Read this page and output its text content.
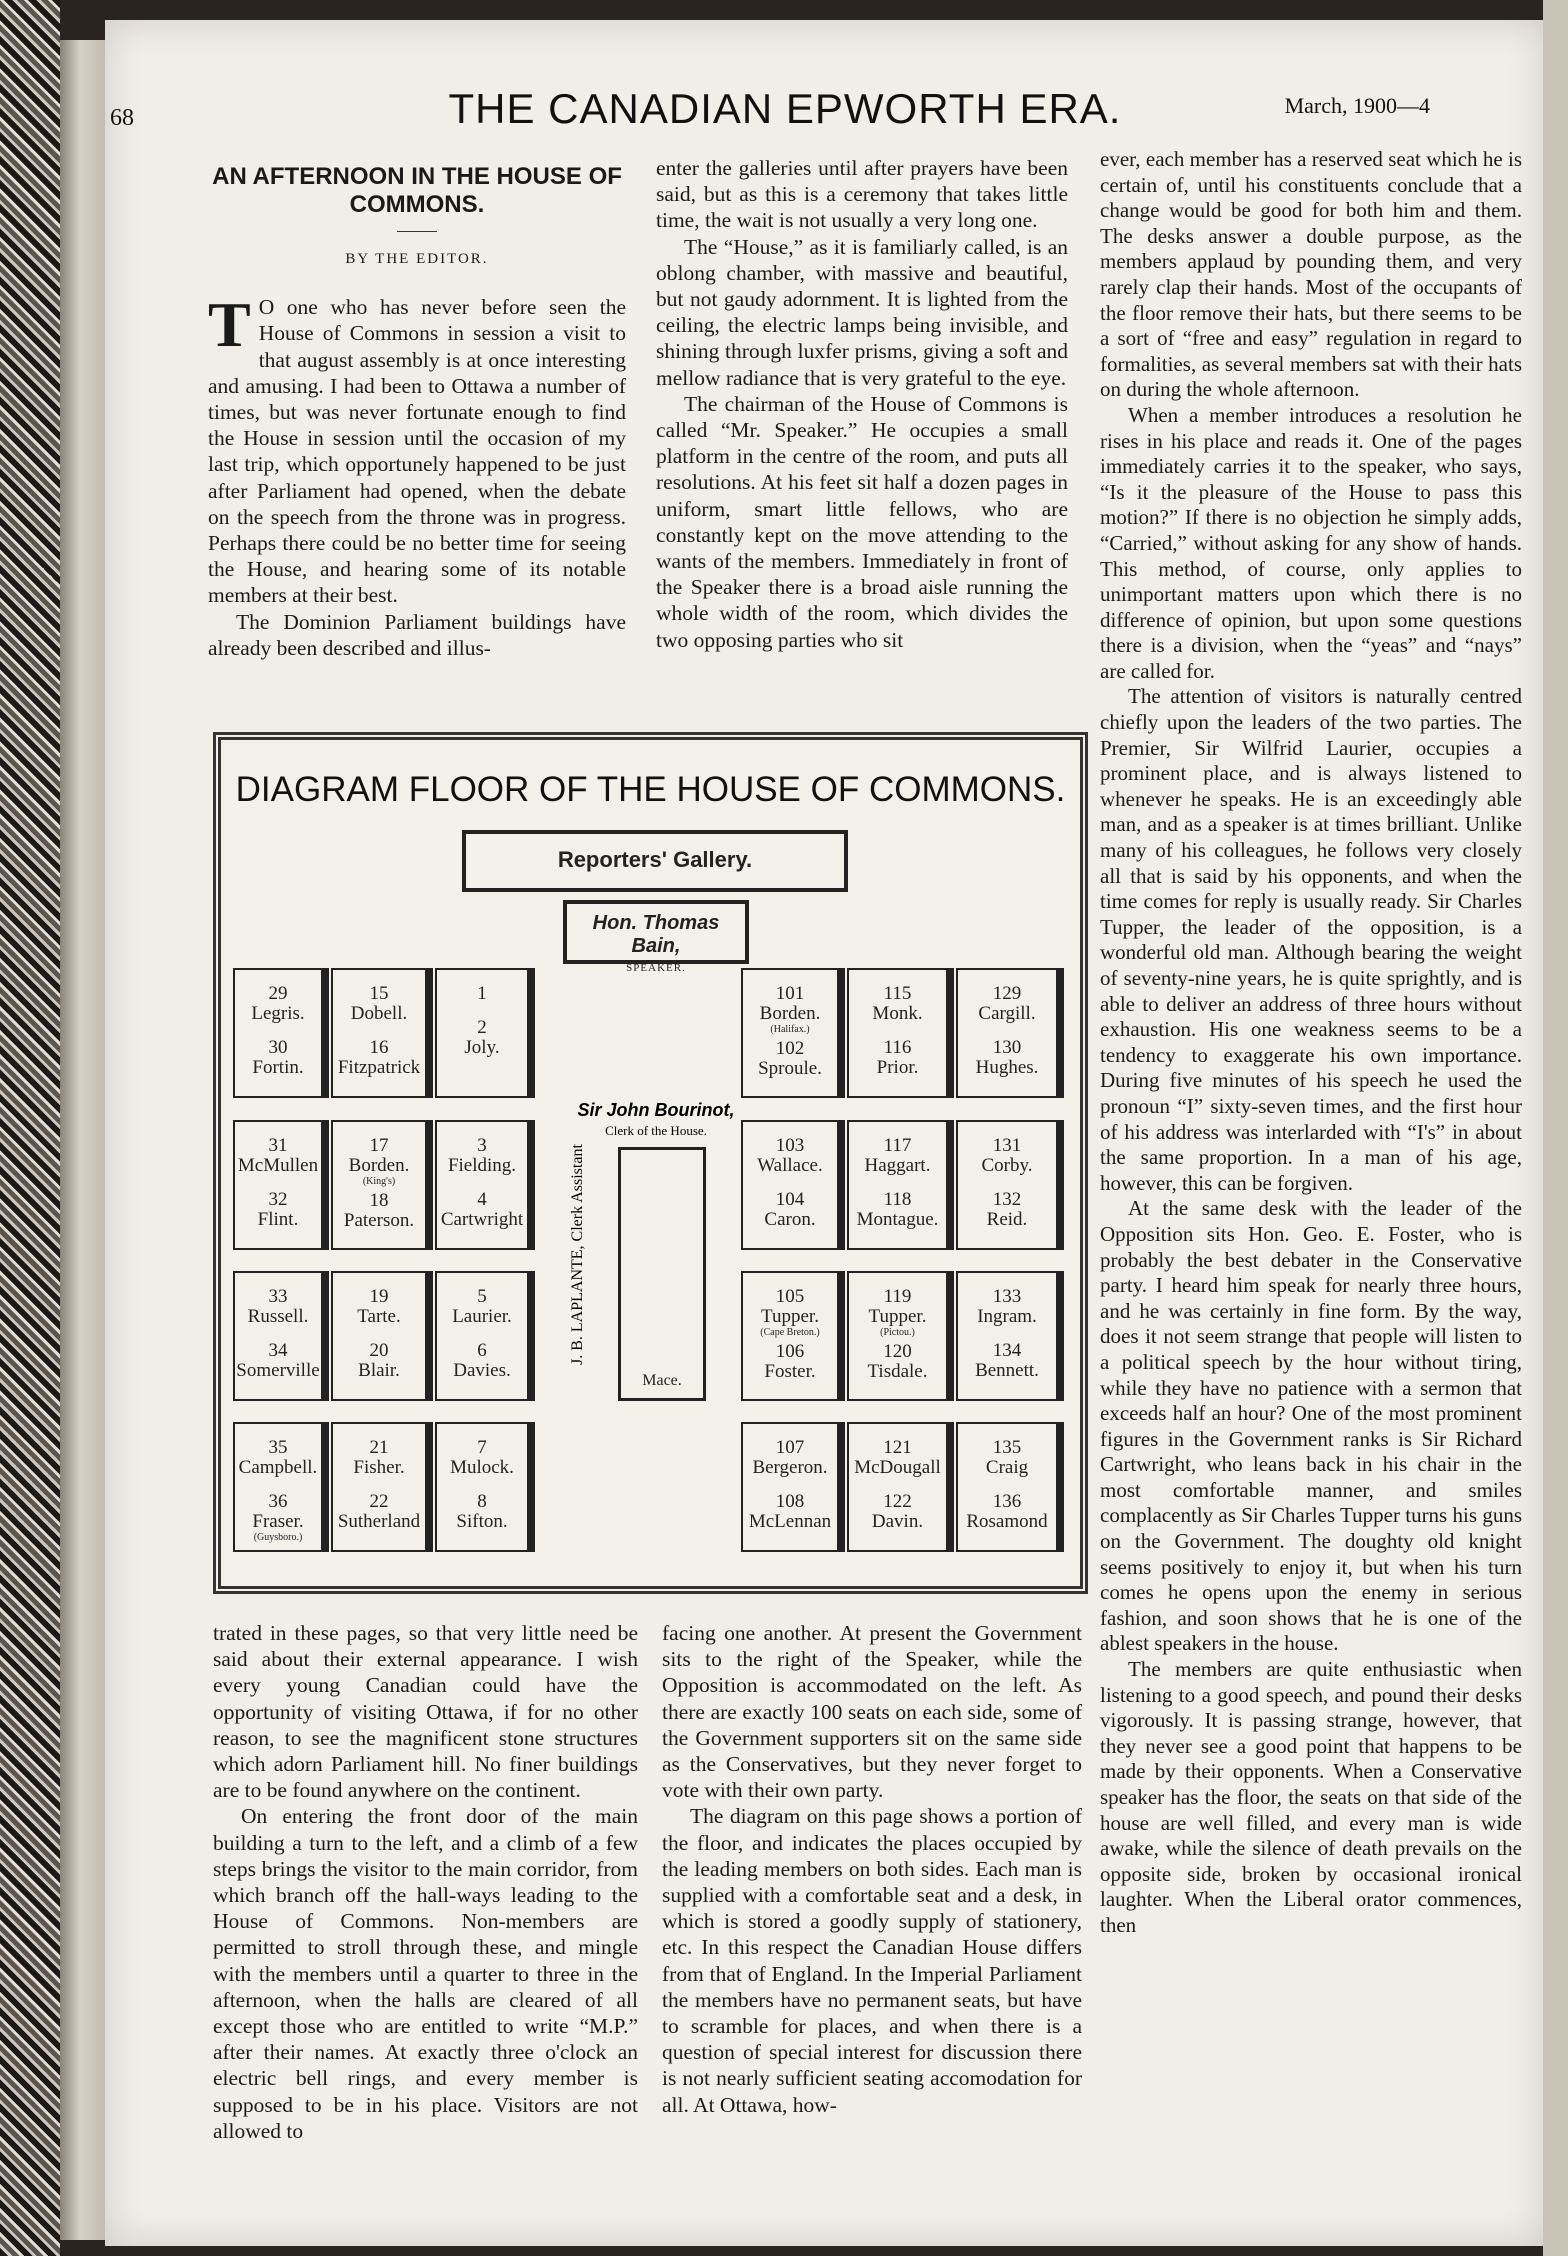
68	THE CANADIAN EPWORTH ERA.	March, 1900—4
AN AFTERNOON IN THE HOUSE OF COMMONS.
BY THE EDITOR.

T O one who has never before seen the House of Commons in session a visit to that august assembly is at once interesting and amusing. I had been to Ottawa a number of times, but was never fortunate enough to find the House in session until the occasion of my last trip, which opportunely happened to be just after Parliament had opened, when the debate on the speech from the throne was in progress. Perhaps there could be no better time for seeing the House, and hearing some of its notable members at their best.

The Dominion Parliament buildings have already been described and illus-

enter the galleries until after prayers have been said, but as this is a ceremony that takes little time, the wait is not usually a very long one.

The “House,” as it is familiarly called, is an oblong chamber, with massive and beautiful, but not gaudy adornment. It is lighted from the ceiling, the electric lamps being invisible, and shining through luxfer prisms, giving a soft and mellow radiance that is very grateful to the eye.

The chairman of the House of Commons is called “Mr. Speaker.” He occupies a small platform in the centre of the room, and puts all resolutions. At his feet sit half a dozen pages in uniform, smart little fellows, who are constantly kept on the move attending to the wants of the members. Immediately in front of the Speaker there is a broad aisle running the whole width of the room, which divides the two opposing parties who sit

ever, each member has a reserved seat which he is certain of, until his constituents conclude that a change would be good for both him and them. The desks answer a double purpose, as the members applaud by pounding them, and very rarely clap their hands. Most of the occupants of the floor remove their hats, but there seems to be a sort of “free and easy” regulation in regard to formalities, as several members sat with their hats on during the whole afternoon.

When a member introduces a resolution he rises in his place and reads it. One of the pages immediately carries it to the speaker, who says, “Is it the pleasure of the House to pass this motion?” If there is no objection he simply adds, “Carried,” without asking for any show of hands. This method, of course, only applies to unimportant matters upon which there is no difference of opinion, but upon some questions there is a division, when the “yeas” and “nays” are called for.

The attention of visitors is naturally centred chiefly upon the leaders of the two parties. The Premier, Sir Wilfrid Laurier, occupies a prominent place, and is always listened to whenever he speaks. He is an exceedingly able man, and as a speaker is at times brilliant. Unlike many of his colleagues, he follows very closely all that is said by his opponents, and when the time comes for reply is usually ready. Sir Charles Tupper, the leader of the opposition, is a wonderful old man. Although bearing the weight of seventy-nine years, he is quite sprightly, and is able to deliver an address of three hours without exhaustion. His one weakness seems to be a tendency to exaggerate his own importance. During five minutes of his speech he used the pronoun “I” sixty-seven times, and the first hour of his address was interlarded with “I's” in about the same proportion. In a man of his age, however, this can be forgiven.

At the same desk with the leader of the Opposition sits Hon. Geo. E. Foster, who is probably the best debater in the Conservative party. I heard him speak for nearly three hours, and he was certainly in fine form. By the way, does it not seem strange that people will listen to a political speech by the hour without tiring, while they have no patience with a sermon that exceeds half an hour? One of the most prominent figures in the Government ranks is Sir Richard Cartwright, who leans back in his chair in the most comfortable manner, and smiles complacently as Sir Charles Tupper turns his guns on the Government. The doughty old knight seems positively to enjoy it, but when his turn comes he opens upon the enemy in serious fashion, and soon shows that he is one of the ablest speakers in the house.

The members are quite enthusiastic when listening to a good speech, and pound their desks vigorously. It is passing strange, however, that they never see a good point that happens to be made by their opponents. When a Conservative speaker has the floor, the seats on that side of the house are well filled, and every man is wide awake, while the silence of death prevails on the opposite side, broken by occasional ironical laughter. When the Liberal orator commences, then

trated in these pages, so that very little need be said about their external appearance. I wish every young Canadian could have the opportunity of visiting Ottawa, if for no other reason, to see the magnificent stone structures which adorn Parliament hill. No finer buildings are to be found anywhere on the continent.

On entering the front door of the main building a turn to the left, and a climb of a few steps brings the visitor to the main corridor, from which branch off the hall-ways leading to the House of Commons. Non-members are permitted to stroll through these, and mingle with the members until a quarter to three in the afternoon, when the halls are cleared of all except those who are entitled to write “M.P.” after their names. At exactly three o'clock an electric bell rings, and every member is supposed to be in his place. Visitors are not allowed to

facing one another. At present the Government sits to the right of the Speaker, while the Opposition is accommodated on the left. As there are exactly 100 seats on each side, some of the Government supporters sit on the same side as the Conservatives, but they never forget to vote with their own party.

The diagram on this page shows a portion of the floor, and indicates the places occupied by the leading members on both sides. Each man is supplied with a comfortable seat and a desk, in which is stored a goodly supply of stationery, etc. In this respect the Canadian House differs from that of England. In the Imperial Parliament the members have no permanent seats, but have to scramble for places, and when there is a question of special interest for discussion there is not nearly sufficient seating accomodation for all. At Ottawa, how-

DIAGRAM FLOOR OF THE HOUSE OF COMMONS.
Reporters' Gallery.
Hon. Thomas Bain,
SPEAKER.
Sir John Bourinot,
Clerk of the House.
J. B. LAPLANTE, Clerk Assistant
Mace.
29
Legris.
30
Fortin.
15
Dobell.
16
Fitzpatrick
1
2
Joly.
31
McMullen
32
Flint.
17
Borden.
(King's)
18
Paterson.
3
Fielding.
4
Cartwright
33
Russell.
34
Somerville
19
Tarte.
20
Blair.
5
Laurier.
6
Davies.
35
Campbell.
36
Fraser.
(Guysboro.)
21
Fisher.
22
Sutherland
7
Mulock.
8
Sifton.
101
Borden.
(Halifax.)
102
Sproule.
115
Monk.
116
Prior.
129
Cargill.
130
Hughes.
103
Wallace.
104
Caron.
117
Haggart.
118
Montague.
131
Corby.
132
Reid.
105
Tupper.
(Cape Breton.)
106
Foster.
119
Tupper.
(Pictou.)
120
Tisdale.
133
Ingram.
134
Bennett.
107
Bergeron.
108
McLennan
121
McDougall
122
Davin.
135
Craig
136
Rosamond
